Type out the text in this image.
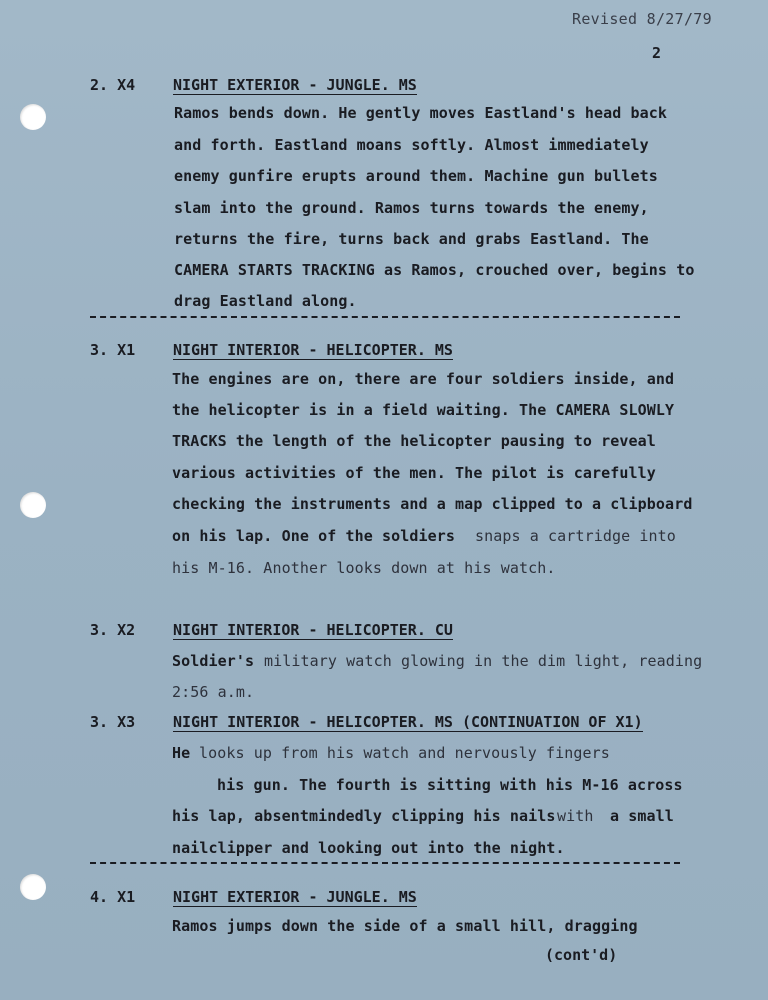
Revised 8/27/79
2
2. X4	NIGHT EXTERIOR - JUNGLE. MS
Ramos bends down. He gently moves Eastland's head back
and forth. Eastland moans softly. Almost immediately
enemy gunfire erupts around them. Machine gun bullets
slam into the ground. Ramos turns towards the enemy,
returns the fire, turns back and grabs Eastland. The
CAMERA STARTS TRACKING as Ramos, crouched over, begins to
drag Eastland along.
3. X1	NIGHT INTERIOR - HELICOPTER. MS
The engines are on, there are four soldiers inside, and
the helicopter is in a field waiting. The CAMERA SLOWLY
TRACKS the length of the helicopter pausing to reveal
various activities of the men. The pilot is carefully
checking the instruments and a map clipped to a clipboard
on his lap. One of the soldiers snaps a cartridge into
his M-16. Another looks down at his watch.
3. X2	NIGHT INTERIOR - HELICOPTER. CU
Soldier's military watch glowing in the dim light, reading
2:56 a.m.
3. X3	NIGHT INTERIOR - HELICOPTER. MS (CONTINUATION OF X1)
He looks up from his watch and nervously fingers
his gun. The fourth is sitting with his M-16 across
his lap, absentmindedly clipping his nails with a small
nailclipper and looking out into the night.
4. X1	NIGHT EXTERIOR - JUNGLE. MS
Ramos jumps down the side of a small hill, dragging
(cont'd)
